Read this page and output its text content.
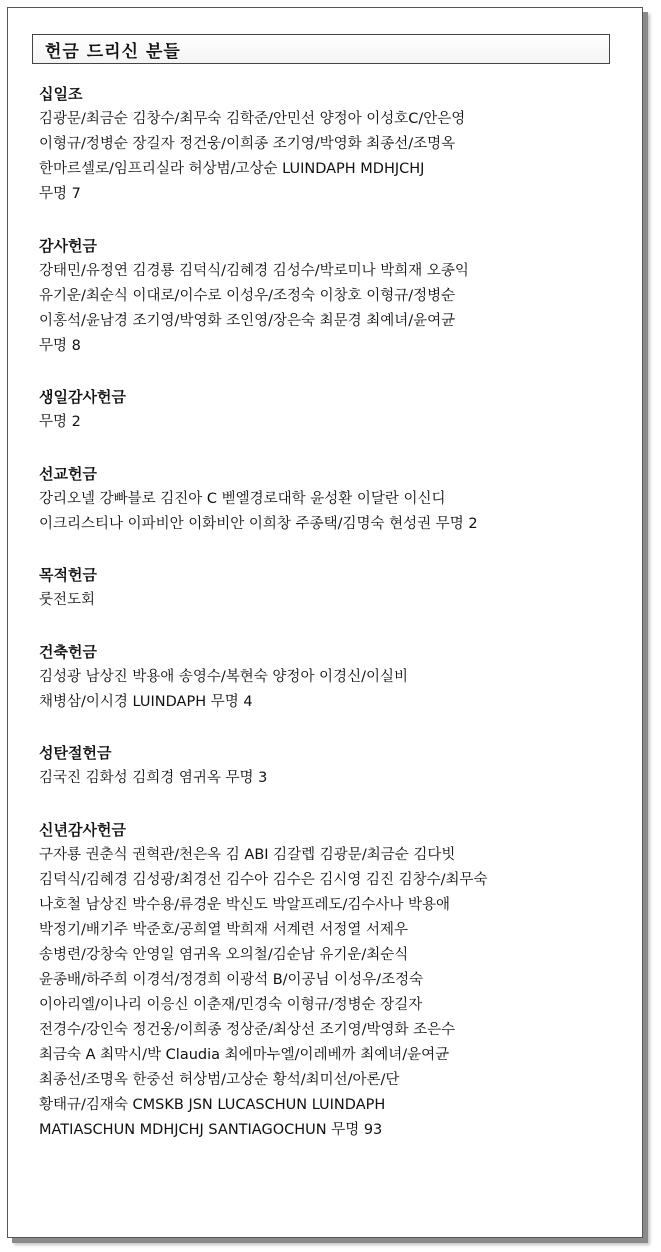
헌금 드리신 분들
십일조
김광문/최금순 김창수/최무숙 김학준/안민선 양정아 이성호C/안은영
이형규/정병순 장길자 정건웅/이희종 조기영/박영화 최종선/조명옥
한마르셀로/임프리실라 허상범/고상순 LUINDAPH MDHJCHJ
무명 7
감사헌금
강태민/유정연 김경룡 김덕식/김혜경 김성수/박로미나 박희재 오종익
유기운/최순식 이대로/이수로 이성우/조정숙 이창호 이형규/정병순
이홍석/윤남경 조기영/박영화 조인영/장은숙 최문경 최예녀/윤여균
무명 8
생일감사헌금
무명 2
선교헌금
강리오넬 강빠블로 김진아 C 벧엘경로대학 윤성환 이달란 이신디
이크리스티나 이파비안 이화비안 이희창 주종택/김명숙 현성권 무명 2
목적헌금
룻전도회
건축헌금
김성광 남상진 박용애 송영수/복현숙 양정아 이경신/이실비
채병삼/이시경 LUINDAPH 무명 4
성탄절헌금
김국진 김화성 김희경 염귀옥 무명 3
신년감사헌금
구자룡 권춘식 권혁관/천은옥 김 ABI 김갈렙 김광문/최금순 김다빗
김덕식/김혜경 김성광/최경선 김수아 김수은 김시영 김진 김창수/최무숙
나호철 남상진 박수용/류경운 박신도 박알프레도/김수사나 박용애
박정기/배기주 박준호/공희열 박희재 서계련 서정열 서제우
송병련/강창숙 안영일 염귀옥 오의철/김순남 유기운/최순식
윤종배/하주희 이경석/정경희 이광석 B/이공님 이성우/조정숙
이아리엘/이나리 이응신 이춘재/민경숙 이형규/정병순 장길자
전경수/강인숙 정건웅/이희종 정상준/최상선 조기영/박영화 조은수
최금숙 A 최막시/박 Claudia 최에마누엘/이레베까 최예녀/윤여균
최종선/조명옥 한중선 허상범/고상순 황석/최미선/아론/단
황태규/김재숙 CMSKB JSN LUCASCHUN LUINDAPH
MATIASCHUN MDHJCHJ SANTIAGOCHUN 무명 93
